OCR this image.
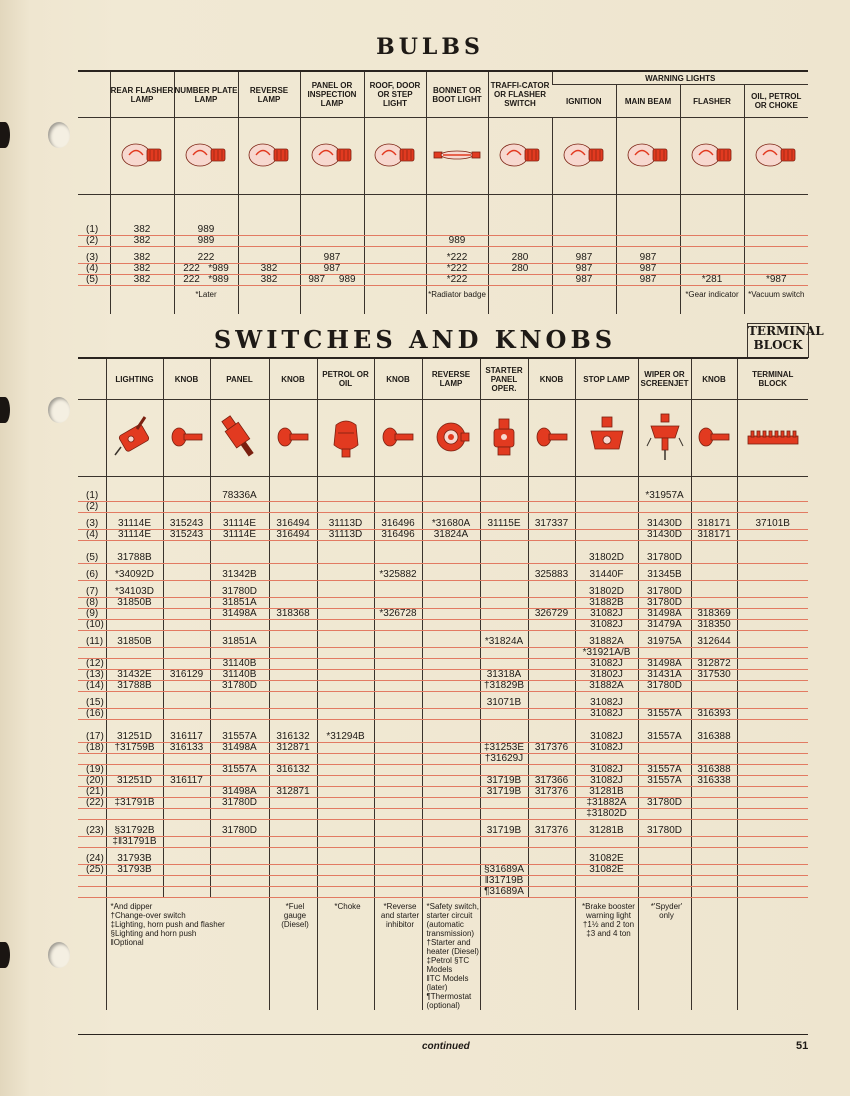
BULBS
	REAR FLASHER LAMP	NUMBER PLATE LAMP	REVERSE LAMP	PANEL OR INSPECTION LAMP	ROOF, DOOR OR STEP LIGHT	BONNET OR BOOT LIGHT	TRAFFI-CATOR OR FLASHER SWITCH	WARNING LIGHTS			
								IGNITION	MAIN BEAM	FLASHER	OIL, PETROL OR CHOKE

(1)	382	989									
(2)	382	989				989					

(3)	382	222		987		*222	280	987	987		
(4)	382	222   *989	382	987		*222	280	987	987		
(5)	382	222   *989	382	987     989		*222		987	987	*281	*987
		*Later				*Radiator badge				*Gear indicator	*Vacuum switch
SWITCHES AND KNOBS	TERMINAL BLOCK
	LIGHTING	KNOB	PANEL	KNOB	PETROL OR OIL	KNOB	REVERSE LAMP	STARTER PANEL OPER.	KNOB	STOP LAMP	WIPER OR SCREENJET	KNOB	TERMINAL BLOCK

(1)			78336A								*31957A		
(2)													

(3)	31114E	315243	31114E	316494	31113D	316496	*31680A	31115E	317337		31430D	318171	37101B
(4)	31114E	315243	31114E	316494	31113D	316496	31824A				31430D	318171	

(5)	31788B									31802D	31780D		

(6)	*34092D		31342B			*325882			325883	31440F	31345B		

(7)	*34103D		31780D							31802D	31780D		
(8)	31850B		31851A							31882B	31780D		
(9)			31498A	318368		*326728			326729	31082J	31498A	318369	
(10)										31082J	31479A	318350	

(11)	31850B		31851A					*31824A		31882A	31975A	312644	
										*31921A/B			
(12)			31140B							31082J	31498A	312872	
(13)	31432E	316129	31140B					31318A		31802J	31431A	317530	
(14)	31788B		31780D					†31829B		31882A	31780D		

(15)								31071B		31082J			
(16)										31082J	31557A	316393	

(17)	31251D	316117	31557A	316132	*31294B					31082J	31557A	316388	
(18)	†31759B	316133	31498A	312871				‡31253E	317376	31082J			
								†31629J					
(19)			31557A	316132						31082J	31557A	316388	
(20)	31251D	316117						31719B	317366	31082J	31557A	316338	
(21)			31498A	312871				31719B	317376	31281B			
(22)	‡31791B		31780D							‡31882A	31780D		
										‡31802D			

(23)	§31792B		31780D					31719B	317376	31281B	31780D		
	‡‖31791B												

(24)	31793B									31082E			
(25)	31793B							§31689A		31082E			
								‖31719B					
								¶31689A					
	*And dipper
†Change-over switch
‡Lighting, horn push and flasher
§Lighting and horn push
‖Optional			*Fuel gauge (Diesel)	*Choke	*Reverse and starter inhibitor	*Safety switch, starter circuit (automatic transmission)
†Starter and heater (Diesel)
‡Petrol §TC Models
‖TC Models (later)
¶Thermostat (optional)			*Brake booster warning light
†1½ and 2 ton
‡3 and 4 ton	*'Spyder' only		
continued	51
